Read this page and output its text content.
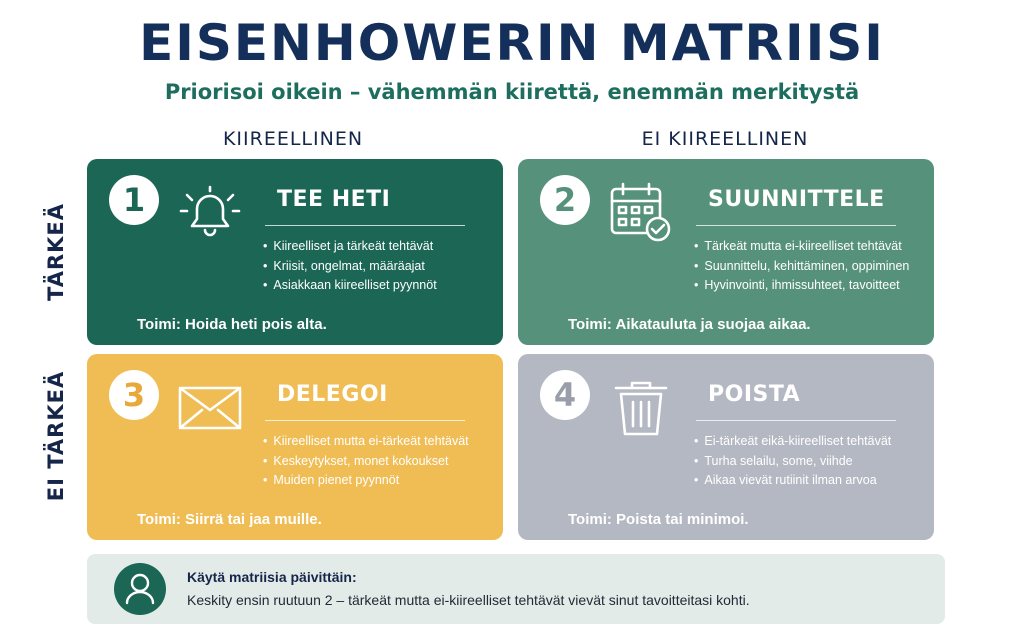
EISENHOWERIN MATRIISI
Priorisoi oikein – vähemmän kiirettä, enemmän merkitystä
KIIREELLINEN	EI KIIREELLINEN
TÄRKEÄ
EI TÄRKEÄ
1	TEE HETI
• Kiireelliset ja tärkeät tehtävät
• Kriisit, ongelmat, määräajat
• Asiakkaan kiireelliset pyynnöt
Toimi: Hoida heti pois alta.
2	SUUNNITTELE
• Tärkeät mutta ei-kiireelliset tehtävät
• Suunnittelu, kehittäminen, oppiminen
• Hyvinvointi, ihmissuhteet, tavoitteet
Toimi: Aikatauluta ja suojaa aikaa.
3	DELEGOI
• Kiireelliset mutta ei-tärkeät tehtävät
• Keskeytykset, monet kokoukset
• Muiden pienet pyynnöt
Toimi: Siirrä tai jaa muille.
4	POISTA
• Ei-tärkeät eikä-kiireelliset tehtävät
• Turha selailu, some, viihde
• Aikaa vievät rutiinit ilman arvoa
Toimi: Poista tai minimoi.
Käytä matriisia päivittäin:
Keskity ensin ruutuun 2 – tärkeät mutta ei-kiireelliset tehtävät vievät sinut tavoitteitasi kohti.
